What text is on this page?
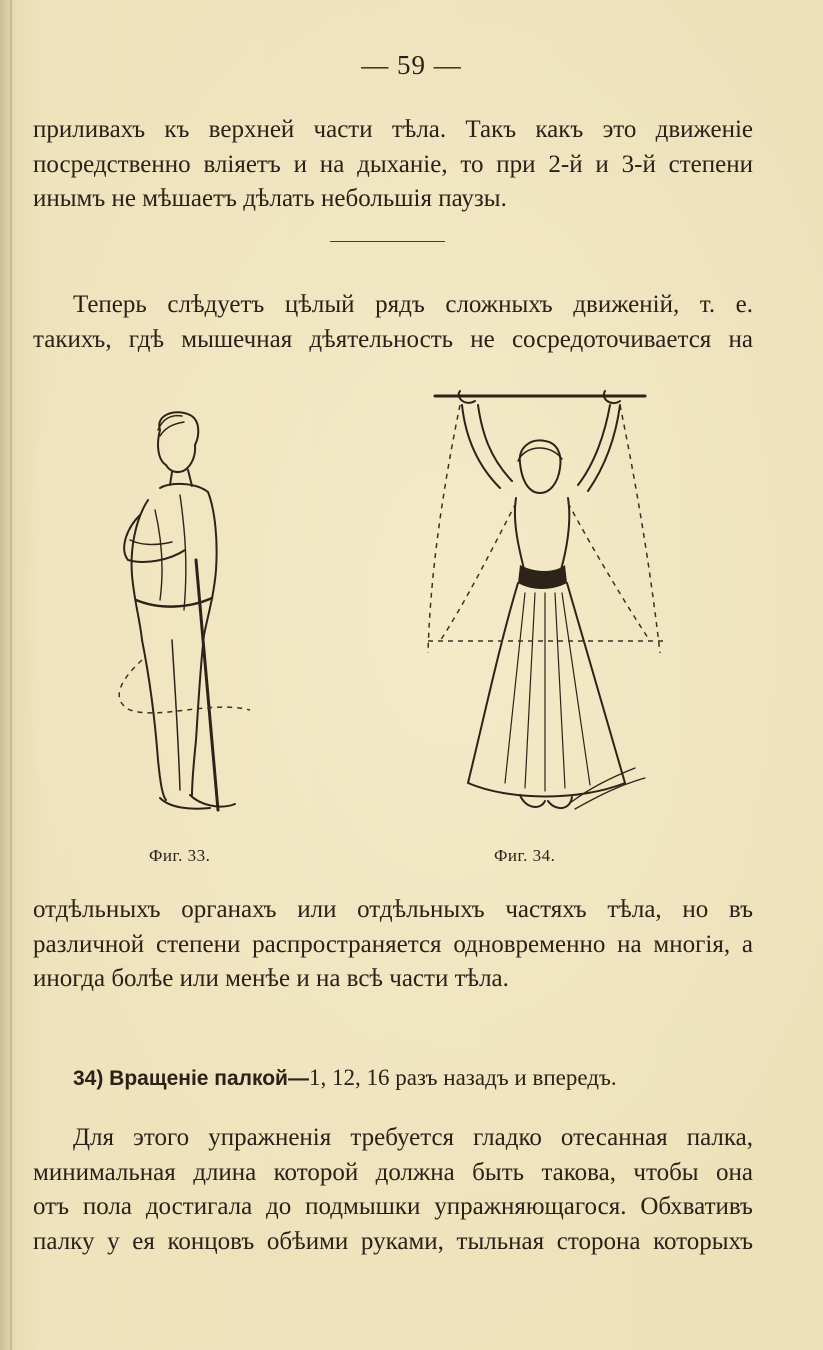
— 59 —
приливахъ къ верхней части тѣла. Такъ какъ это движеніе
посредственно вліяетъ и на дыханіе, то при 2-й и 3-й степени
инымъ не мѣшаетъ дѣлать небольшія паузы.
Теперь слѣдуетъ цѣлый рядъ сложныхъ движеній, т. е.
такихъ, гдѣ мышечная дѣятельность не сосредоточивается на
Фиг. 33.	Фиг. 34.
отдѣльныхъ органахъ или отдѣльныхъ частяхъ тѣла, но въ
различной степени распространяется одновременно на многія, а
иногда болѣе или менѣе и на всѣ части тѣла.
34) Вращеніе палкой—1, 12, 16 разъ назадъ и впередъ.
Для этого упражненія требуется гладко отесанная палка,
минимальная длина которой должна быть такова, чтобы она
отъ пола достигала до подмышки упражняющагося. Обхвативъ
палку у ея концовъ обѣими руками, тыльная сторона которыхъ
